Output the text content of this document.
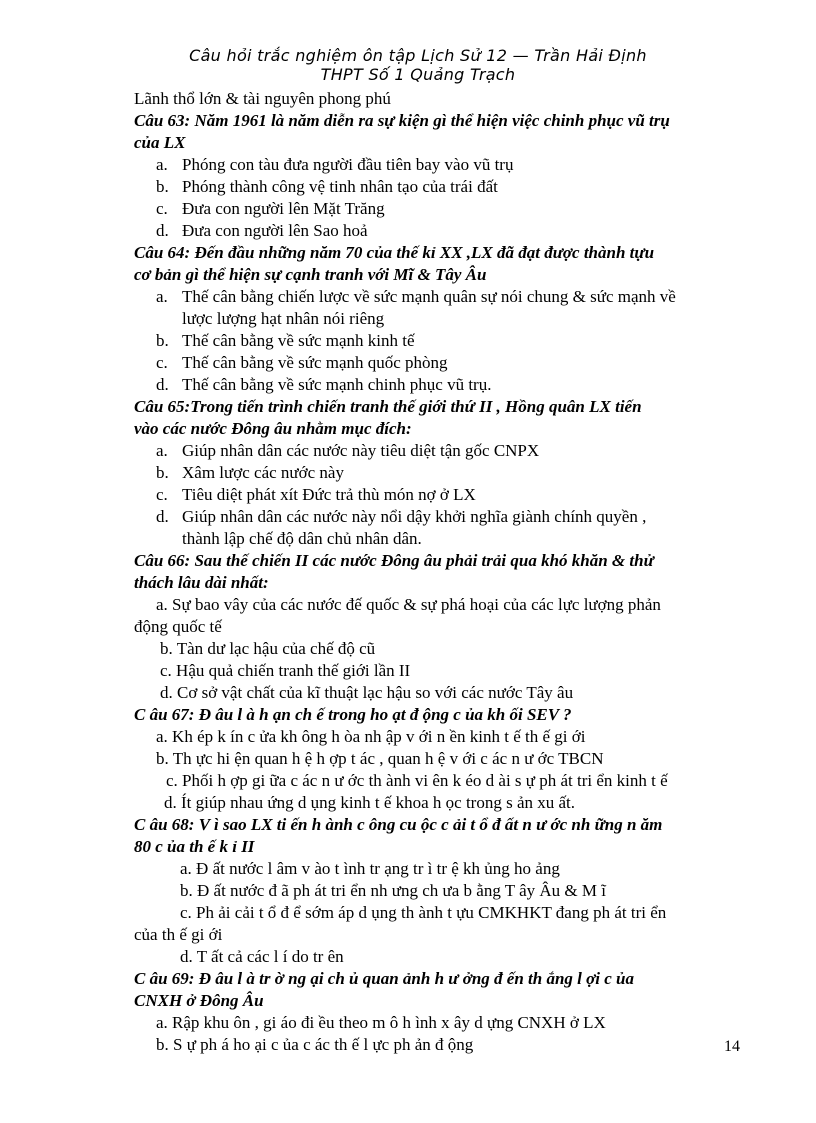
Câu hỏi trắc nghiệm ôn tập Lịch Sử 12 — Trần Hải Định
THPT Số 1 Quảng Trạch
Lãnh thổ lớn & tài nguyên phong phú
Câu 63: Năm 1961 là năm diễn ra sự kiện gì thể hiện việc chinh phục vũ trụ
của LX
a. Phóng con tàu đưa người đầu tiên bay vào vũ trụ
b. Phóng thành công vệ tinh nhân tạo của trái đất
c. Đưa con người lên Mặt Trăng
d. Đưa con người lên Sao hoả
Câu 64: Đến đầu những năm 70 của thế kỉ XX ,LX đã đạt được thành tựu
cơ bản gì thể hiện sự cạnh tranh với Mĩ & Tây Âu
a. Thế cân bằng chiến lược về sức mạnh quân sự nói chung & sức mạnh về
lược lượng hạt nhân nói riêng
b. Thế cân bằng về sức mạnh kinh tế
c. Thế cân bằng về sức mạnh quốc phòng
d. Thế cân bằng về sức mạnh chinh phục vũ trụ.
Câu 65:Trong tiến trình chiến tranh thế giới thứ II , Hồng quân LX tiến
vào các nước Đông âu nhằm mục đích:
a. Giúp nhân dân các nước này tiêu diệt tận gốc CNPX
b. Xâm lược các nước này
c. Tiêu diệt phát xít Đức trả thù món nợ ở LX
d. Giúp nhân dân các nước này nổi dậy khởi nghĩa giành chính quyền ,
thành lập chế độ dân chủ nhân dân.
Câu 66: Sau thế chiến II các nước Đông âu phải trải qua khó khăn & thử
thách lâu dài nhất:
a. Sự bao vây của các nước đế quốc & sự phá hoại của các lực lượng phản
động quốc tế
b. Tàn dư lạc hậu của chế độ cũ
c. Hậu quả chiến tranh thế giới lần II
d. Cơ sở vật chất của kĩ thuật lạc hậu so với các nước Tây âu
C âu 67: Đ âu l à h ạn ch ế trong ho ạt đ ộng c ủa kh ối SEV ?
a. Kh ép k ín c ửa kh ông h òa nh ập v ới n ền kinh t ế th ế gi ới
b. Th ực hi ện quan h ệ h ợp t ác , quan h ệ v ới c ác n ư ớc TBCN
c. Phối h ợp gi ữa c ác n ư ớc th ành vi ên k éo d ài s ự ph át tri ển kinh t ế
d. Ít giúp nhau ứng d ụng kinh t ế khoa h ọc trong s ản xu ất.
C âu 68: V ì sao LX ti ến h ành c ông cu ộc c ải t ổ đ ất n ư ớc nh ững n ăm
80 c ủa th ế k ỉ II
a. Đ ất nước l âm v ào t ình tr ạng tr ì tr ệ kh ủng ho ảng
b. Đ ất nước đ ã ph át tri ển nh ưng ch ưa b ằng T ây Âu & M ĩ
c. Ph ải cải t ổ đ ể sớm áp d ụng th ành t ựu CMKHKT đang ph át tri ển
của th ế gi ới
d. T ất cả các l í do tr ên
C âu 69: Đ âu l à tr ờ ng ại ch ủ quan ảnh h ư ởng đ ến th ắng l ợi c ủa
CNXH ở Đông Âu
a. Rập khu ôn , gi áo đi ều theo m ô h ình x ây d ựng CNXH ở LX
b. S ự ph á ho ại c ủa c ác th ế l ực ph ản đ ộng	14
